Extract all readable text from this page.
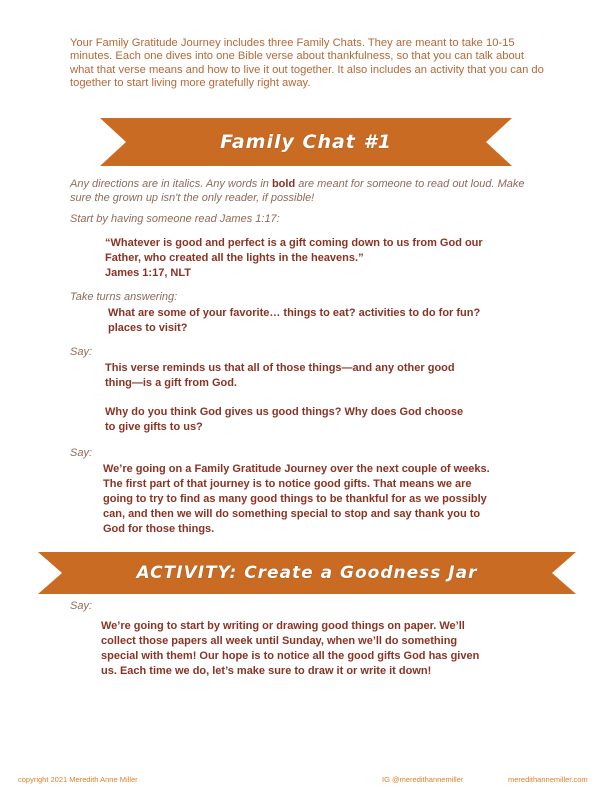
Your Family Gratitude Journey includes three Family Chats. They are meant to take 10-15 minutes. Each one dives into one Bible verse about thankfulness, so that you can talk about what that verse means and how to live it out together. It also includes an activity that you can do together to start living more gratefully right away.

Family Chat #1

Any directions are in italics. Any words in bold are meant for someone to read out loud. Make sure the grown up isn't the only reader, if possible!

Start by having someone read James 1:17:

“Whatever is good and perfect is a gift coming down to us from God our Father, who created all the lights in the heavens.”
James 1:17, NLT

Take turns answering:

What are some of your favorite… things to eat? activities to do for fun? places to visit?

Say:

This verse reminds us that all of those things—and any other good thing—is a gift from God.

Why do you think God gives us good things? Why does God choose to give gifts to us?

Say:

We’re going on a Family Gratitude Journey over the next couple of weeks. The first part of that journey is to notice good gifts. That means we are going to try to find as many good things to be thankful for as we possibly can, and then we will do something special to stop and say thank you to God for those things.

ACTIVITY: Create a Goodness Jar

Say:

We’re going to start by writing or drawing good things on paper. We’ll collect those papers all week until Sunday, when we’ll do something special with them! Our hope is to notice all the good gifts God has given us. Each time we do, let’s make sure to draw it or write it down!

copyright 2021 Meredith Anne Miller	IG @meredithannemiller	meredithannemiller.com
